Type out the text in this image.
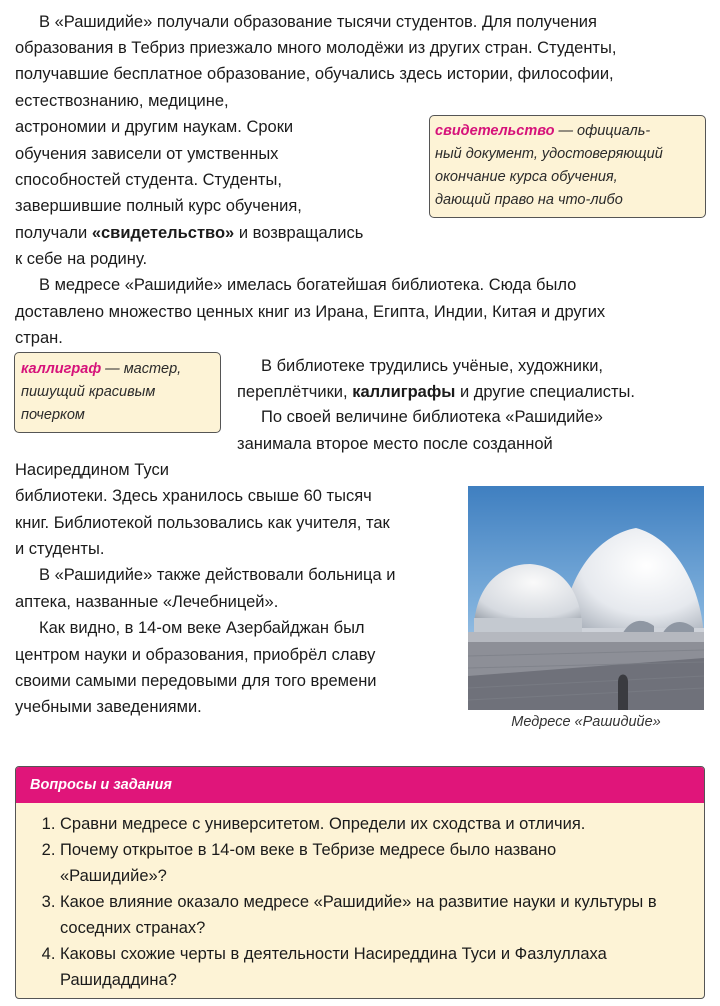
В «Рашидийе» получали образование тысячи студентов. Для получения
образования в Тебриз приезжало много молодёжи из других стран. Студенты,
получавшие бесплатное образование, обучались здесь истории, философии,
естествознанию, медицине,
астрономии и другим наукам. Сроки
обучения зависели от умственных
способностей студента. Студенты,
завершившие полный курс обучения,
получали «свидетельство» и возвращались
к себе на родину.
свидетельство — официаль-
ный документ, удостоверяющий
окончание курса обучения,
дающий право на что-либо
В медресе «Рашидийе» имелась богатейшая библиотека. Сюда было
доставлено множество ценных книг из Ирана, Египта, Индии, Китая и других
стран.
каллиграф — мастер,
пишущий красивым
почерком
В библиотеке трудились учёные, художники,
переплётчики, каллиграфы и другие специалисты.
По своей величине библиотека «Рашидийе»
занимала второе место после созданной
Насиреддином Туси
библиотеки. Здесь хранилось свыше 60 тысяч
книг. Библиотекой пользовались как учителя, так
и студенты.
В «Рашидийе» также действовали больница и
аптека, названные «Лечебницей».
Как видно, в 14-ом веке Азербайджан был
центром науки и образования, приобрёл славу
своими самыми передовыми для того времени
учебными заведениями.
Медресе «Рашидийе»
Вопросы и задания
1. Сравни медресе с университетом. Определи их сходства и отличия.
2. Почему открытое в 14-ом веке в Тебризе медресе было названо «Рашидийе»?
3. Какое влияние оказало медресе «Рашидийе» на развитие науки и культуры в соседних странах?
4. Каковы схожие черты в деятельности Насиреддина Туси и Фазлуллаха Рашидаддина?
